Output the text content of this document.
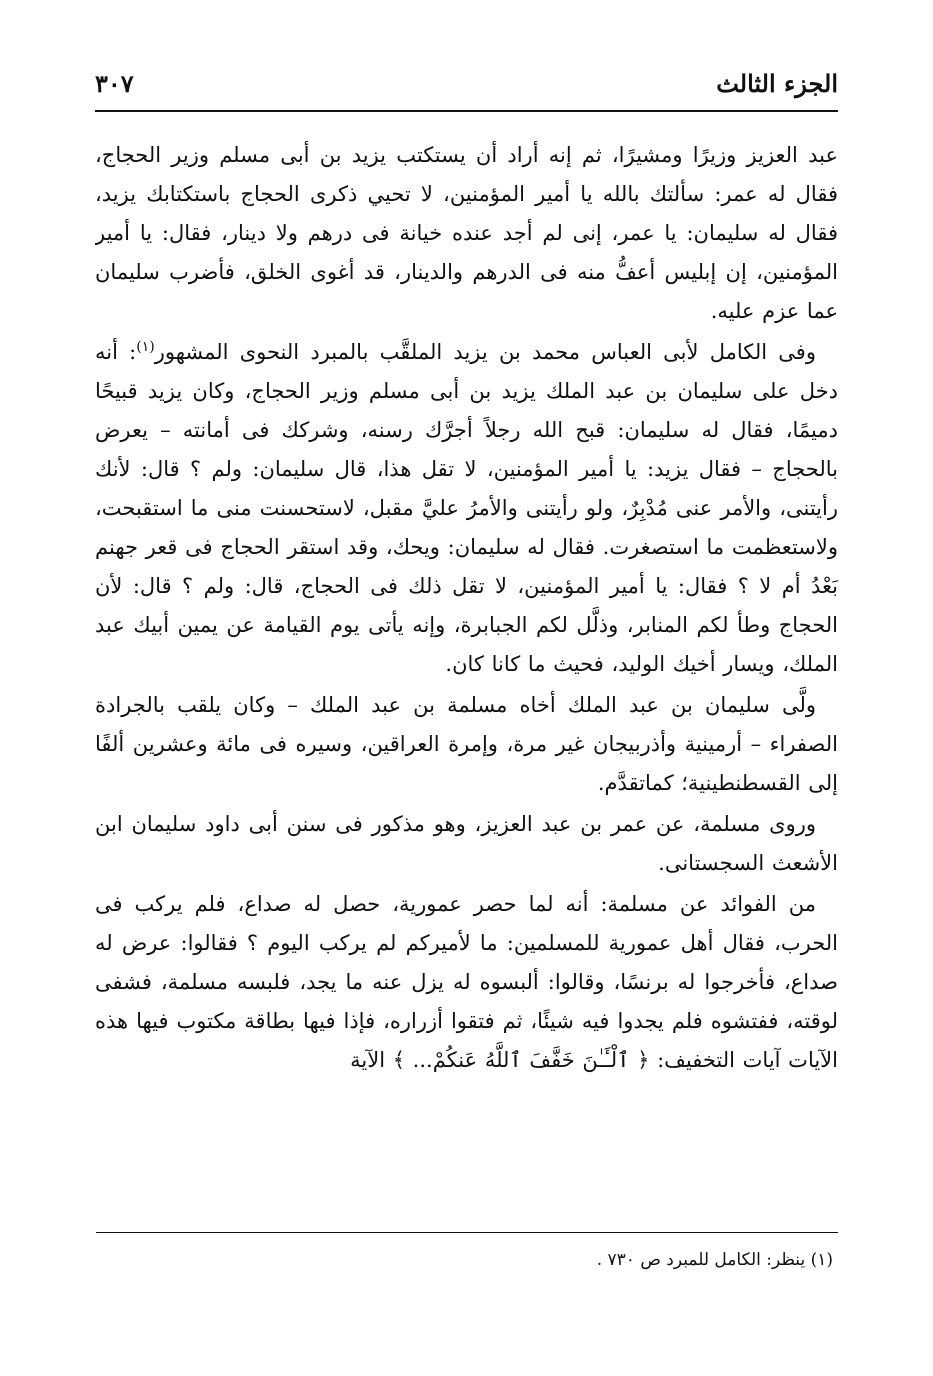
الجزء الثالث
٣٠٧

عبد العزيز وزيرًا ومشيرًا، ثم إنه أراد أن يستكتب يزيد بن أبى مسلم وزير الحجاج، فقال له عمر: سألتك بالله يا أمير المؤمنين، لا تحيي ذكرى الحجاج باستكتابك يزيد، فقال له سليمان: يا عمر، إنى لم أجد عنده خيانة فى درهم ولا دينار، فقال: يا أمير المؤمنين، إن إبليس أعفُّ منه فى الدرهم والدينار، قد أغوى الخلق، فأضرب سليمان عما عزم عليه.

وفى الكامل لأبى العباس محمد بن يزيد الملقَّب بالمبرد النحوى المشهور$^{(١)}$: أنه دخل على سليمان بن عبد الملك يزيد بن أبى مسلم وزير الحجاج، وكان يزيد قبيحًا دميمًا، فقال له سليمان: قبح الله رجلاً أجرَّك رسنه، وشركك فى أمانته – يعرض بالحجاج – فقال يزيد: يا أمير المؤمنين، لا تقل هذا، قال سليمان: ولم ؟ قال: لأنك رأيتنى، والأمر عنى مُدْبِرٌ، ولو رأيتنى والأمرُ عليَّ مقبل، لاستحسنت منى ما استقبحت، ولاستعظمت ما استصغرت. فقال له سليمان: ويحك، وقد استقر الحجاج فى قعر جهنم بَعْدُ أم لا ؟ فقال: يا أمير المؤمنين، لا تقل ذلك فى الحجاج، قال: ولم ؟ قال: لأن الحجاج وطأ لكم المنابر، وذلَّل لكم الجبابرة، وإنه يأتى يوم القيامة عن يمين أبيك عبد الملك، ويسار أخيك الوليد، فحيث ما كانا كان.

ولَّى سليمان بن عبد الملك أخاه مسلمة بن عبد الملك – وكان يلقب بالجرادة الصفراء – أرمينية وأذربيجان غير مرة، وإمرة العراقين، وسيره فى مائة وعشرين ألفًا إلى القسطنطينية؛ كماتقدَّم.

وروى مسلمة، عن عمر بن عبد العزيز، وهو مذكور فى سنن أبى داود سليمان ابن الأشعث السجستانى.

من الفوائد عن مسلمة: أنه لما حصر عمورية، حصل له صداع، فلم يركب فى الحرب، فقال أهل عمورية للمسلمين: ما لأميركم لم يركب اليوم ؟ فقالوا: عرض له صداع، فأخرجوا له برنسًا، وقالوا: ألبسوه له يزل عنه ما يجد، فلبسه مسلمة، فشفى لوقته، ففتشوه فلم يجدوا فيه شيئًا، ثم فتقوا أزراره، فإذا فيها بطاقة مكتوب فيها هذه الآيات آيات التخفيف: ﴿ ٱلْـَٔـٰنَ خَفَّفَ ٱللَّهُ عَنكُمْ... ﴾ الآية

(١) ينظر: الكامل للمبرد ص ٧٣٠ .
